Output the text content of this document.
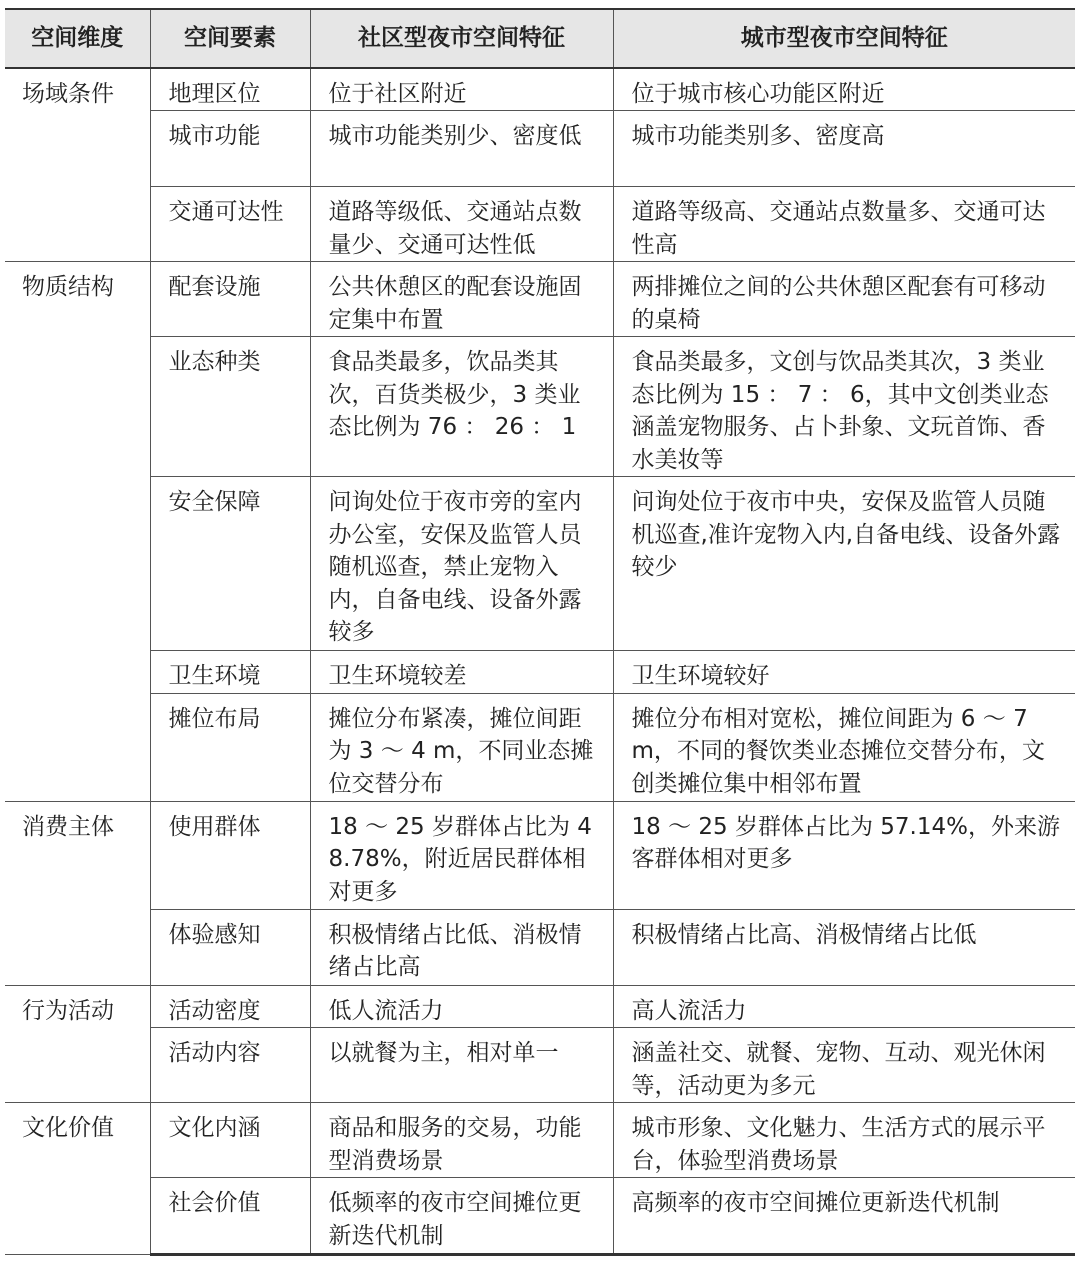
空间维度	空间要素	社区型夜市空间特征	城市型夜市空间特征
场域条件	地理区位	位于社区附近	位于城市核心功能区附近
	城市功能	城市功能类别少、密度低	城市功能类别多、密度高
	交通可达性	道路等级低、交通站点数量少、交通可达性低	道路等级高、交通站点数量多、交通可达性高
物质结构	配套设施	公共休憩区的配套设施固定集中布置	两排摊位之间的公共休憩区配套有可移动的桌椅
	业态种类	食品类最多，饮品类其次，百货类极少，3 类业态比例为 76 ： 26 ： 1	食品类最多，文创与饮品类其次，3 类业态比例为 15 ： 7 ： 6，其中文创类业态涵盖宠物服务、占卜卦象、文玩首饰、香水美妆等
	安全保障	问询处位于夜市旁的室内办公室，安保及监管人员随机巡查，禁止宠物入内，自备电线、设备外露较多	问询处位于夜市中央，安保及监管人员随机巡查,准许宠物入内,自备电线、设备外露较少
	卫生环境	卫生环境较差	卫生环境较好
	摊位布局	摊位分布紧凑，摊位间距为 3 ～ 4 m，不同业态摊位交替分布	摊位分布相对宽松，摊位间距为 6 ～ 7 m，不同的餐饮类业态摊位交替分布，文创类摊位集中相邻布置
消费主体	使用群体	18 ～ 25 岁群体占比为 48.78%，附近居民群体相对更多	18 ～ 25 岁群体占比为 57.14%，外来游客群体相对更多
	体验感知	积极情绪占比低、消极情绪占比高	积极情绪占比高、消极情绪占比低
行为活动	活动密度	低人流活力	高人流活力
	活动内容	以就餐为主，相对单一	涵盖社交、就餐、宠物、互动、观光休闲等，活动更为多元
文化价值	文化内涵	商品和服务的交易，功能型消费场景	城市形象、文化魅力、生活方式的展示平台，体验型消费场景
	社会价值	低频率的夜市空间摊位更新迭代机制	高频率的夜市空间摊位更新迭代机制
